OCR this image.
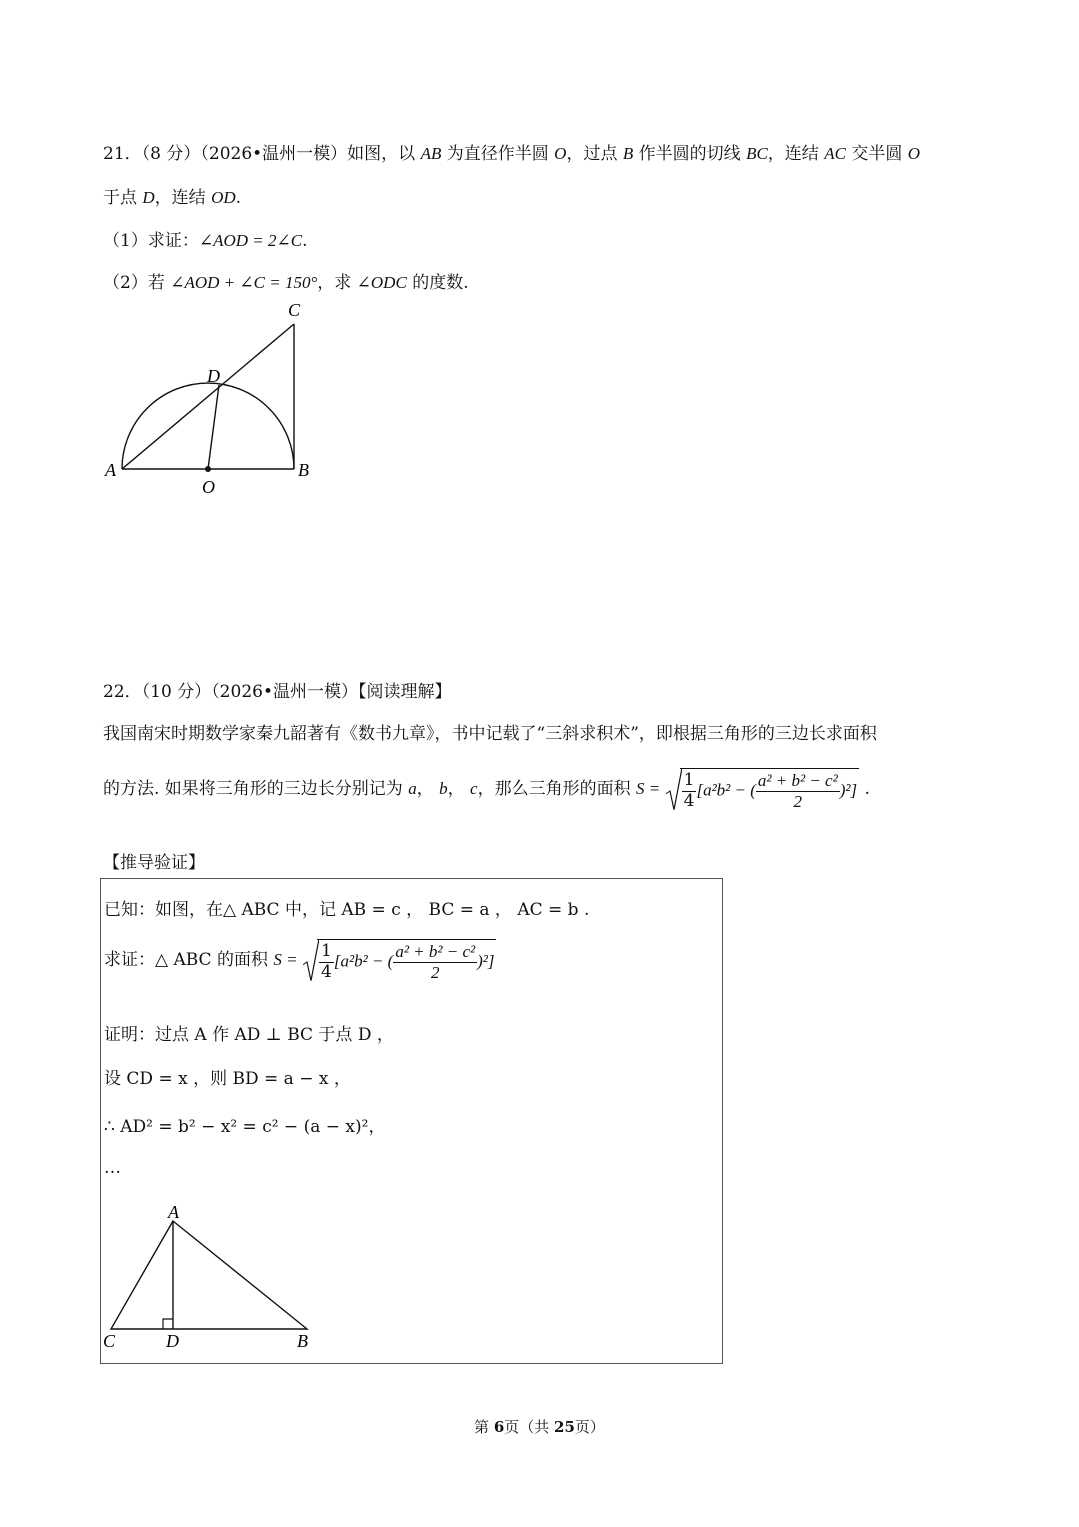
21．（8 分）（2026•温州一模）如图，以 AB 为直径作半圆 O，过点 B 作半圆的切线 BC，连结 AC 交半圆 O
于点 D，连结 OD.
（1）求证：∠AOD = 2∠C.
（2）若 ∠AOD + ∠C = 150°，求 ∠ODC 的度数.
A	B
C
D
O
22．（10 分）（2026•温州一模）【阅读理解】
我国南宋时期数学家秦九韶著有《数书九章》，书中记载了“三斜求积术”，即根据三角形的三边长求面积
的方法. 如果将三角形的三边长分别记为 a， b， c，那么三角形的面积 $S = \frac{1}{4} [a^2b^2$ − ( $\frac{\text{a² + b² − c²}}{2} )^2$] .
【推导验证】
已知：如图，在△ ABC 中，记 AB = c ， BC = a ， AC = b .
求证：△ ABC 的面积 $S = \frac{1}{4} [a^2b^2$ − ( $\frac{\text{a² + b² − c²}}{2} )^2$]
证明：过点 A 作 AD ⊥ BC 于点 D ，
设 CD = x ，则 BD = a − x ，
∴ AD² = b² − x² = c² − (a − x)²，
…
A
C	D	B
第 6页（共 25页）
